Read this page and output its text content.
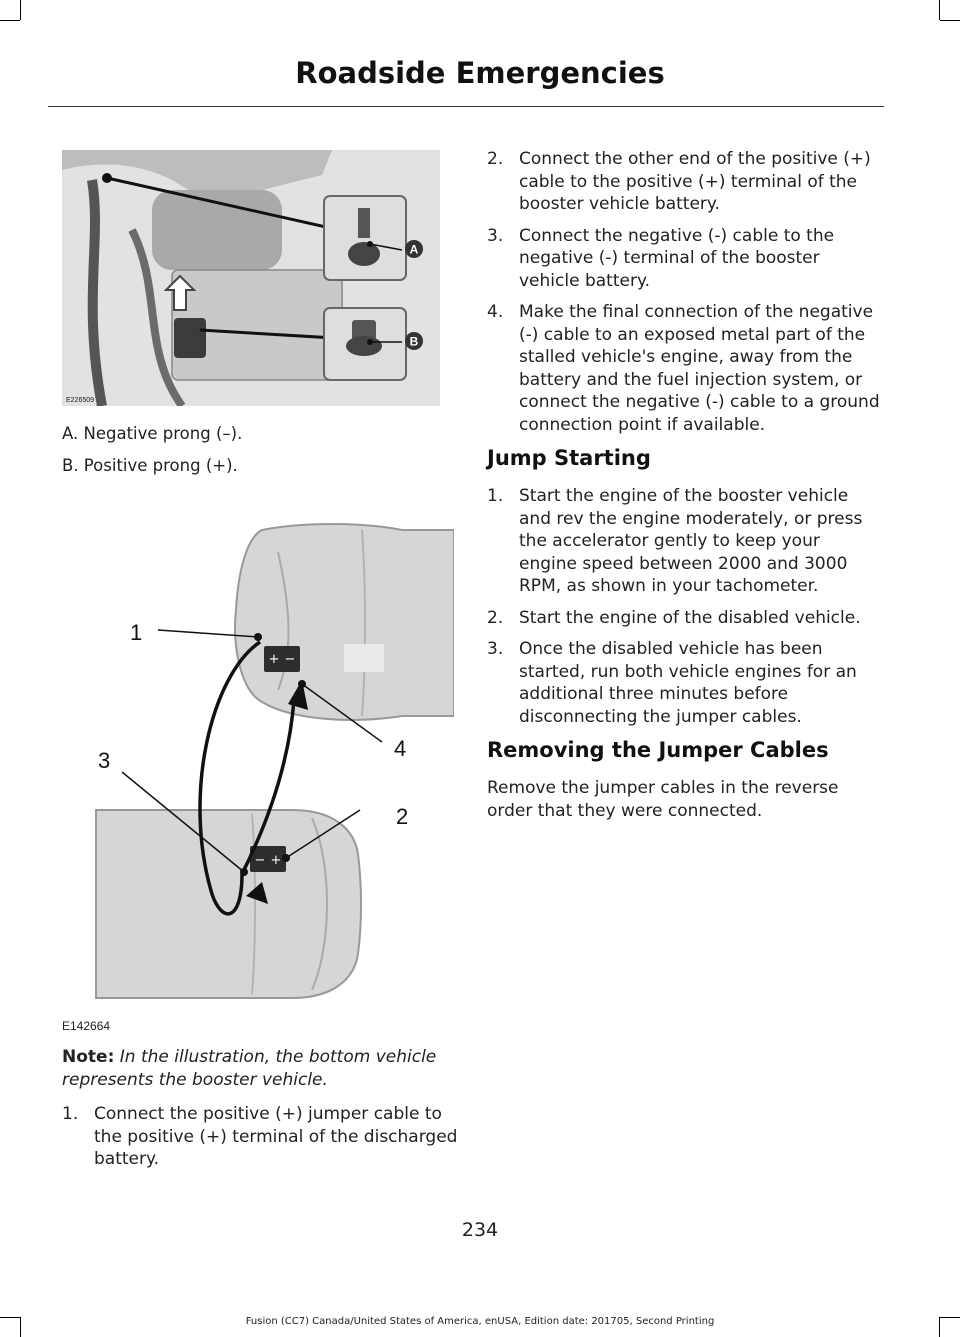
Roadside Emergencies
A
B
E226509
A. Negative prong (–).
B. Positive prong (+).
+ −
− +
1
2
3	4
E142664

Note: In the illustration, the bottom vehicle represents the booster vehicle.

1. Connect the positive (+) jumper cable to the positive (+) terminal of the discharged battery.
2. Connect the other end of the positive (+) cable to the positive (+) terminal of the booster vehicle battery.
3. Connect the negative (-) cable to the negative (-) terminal of the booster vehicle battery.
4. Make the final connection of the negative (-) cable to an exposed metal part of the stalled vehicle's engine, away from the battery and the fuel injection system, or connect the negative (-) cable to a ground connection point if available.
Jump Starting
1. Start the engine of the booster vehicle and rev the engine moderately, or press the accelerator gently to keep your engine speed between 2000 and 3000 RPM, as shown in your tachometer.
2. Start the engine of the disabled vehicle.
3. Once the disabled vehicle has been started, run both vehicle engines for an additional three minutes before disconnecting the jumper cables.
Removing the Jumper Cables

Remove the jumper cables in the reverse order that they were connected.

234
Fusion (CC7) Canada/United States of America, enUSA, Edition date: 201705, Second Printing
